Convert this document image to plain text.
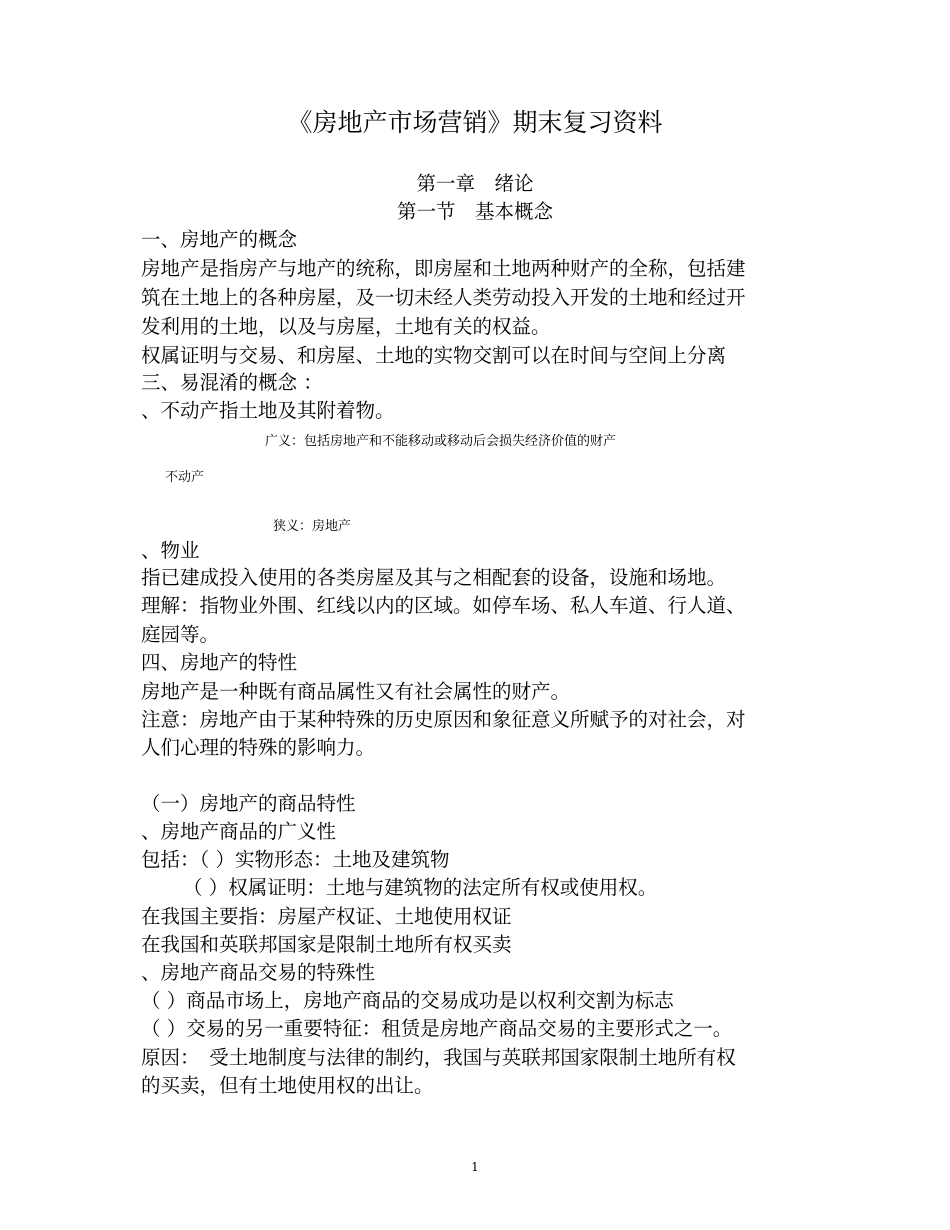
《房地产市场营销》期末复习资料
第一章　绪论
第一节　基本概念
一、房地产的概念
房地产是指房产与地产的统称，即房屋和土地两种财产的全称，包括建
筑在土地上的各种房屋，及一切未经人类劳动投入开发的土地和经过开
发利用的土地，以及与房屋，土地有关的权益。
权属证明与交易、和房屋、土地的实物交割可以在时间与空间上分离
三、易混淆的概念 ：
、不动产指土地及其附着物。
广义：包括房地产和不能移动或移动后会损失经济价值的财产
不动产
狭义：房地产
、物业
指已建成投入使用的各类房屋及其与之相配套的设备，设施和场地。
理解：指物业外围、红线以内的区域。如停车场、私人车道、行人道、
庭园等。
四、房地产的特性
房地产是一种既有商品属性又有社会属性的财产。
注意：房地产由于某种特殊的历史原因和象征意义所赋予的对社会，对
人们心理的特殊的影响力。
（一）房地产的商品特性
、房地产商品的广义性
包括：（ ）实物形态：土地及建筑物
（ ）权属证明：土地与建筑物的法定所有权或使用权。
在我国主要指：房屋产权证、土地使用权证
在我国和英联邦国家是限制土地所有权买卖
、房地产商品交易的特殊性
（ ）商品市场上，房地产商品的交易成功是以权利交割为标志
（ ）交易的另一重要特征：租赁是房地产商品交易的主要形式之一。
原因：　受土地制度与法律的制约，我国与英联邦国家限制土地所有权
的买卖，但有土地使用权的出让。
1
